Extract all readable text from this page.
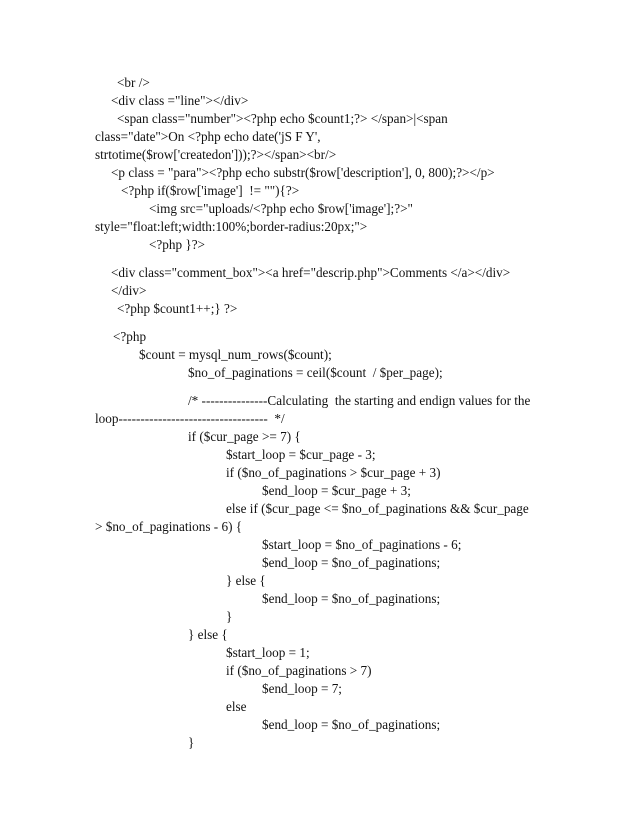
<br />
<div class ="line"></div>
<span class="number"><?php echo $count1;?> </span>|<span
class="date">On <?php echo date('jS F Y',
strtotime($row['createdon']));?></span><br/>
<p class = "para"><?php echo substr($row['description'], 0, 800);?></p>
<?php if($row['image']  != ""){?>
<img src="uploads/<?php echo $row['image'];?>"
style="float:left;width:100%;border-radius:20px;">
<?php }?>
<div class="comment_box"><a href="descrip.php">Comments </a></div>
</div>
<?php $count1++;} ?>
<?php
$count = mysql_num_rows($count);
$no_of_paginations = ceil($count  / $per_page);
/* ---------------Calculating  the starting and endign values for the
loop----------------------------------  */
if ($cur_page >= 7) {
$start_loop = $cur_page - 3;
if ($no_of_paginations > $cur_page + 3)
$end_loop = $cur_page + 3;
else if ($cur_page <= $no_of_paginations && $cur_page
> $no_of_paginations - 6) {
$start_loop = $no_of_paginations - 6;
$end_loop = $no_of_paginations;
} else {
$end_loop = $no_of_paginations;
}
} else {
$start_loop = 1;
if ($no_of_paginations > 7)
$end_loop = 7;
else
$end_loop = $no_of_paginations;
}
